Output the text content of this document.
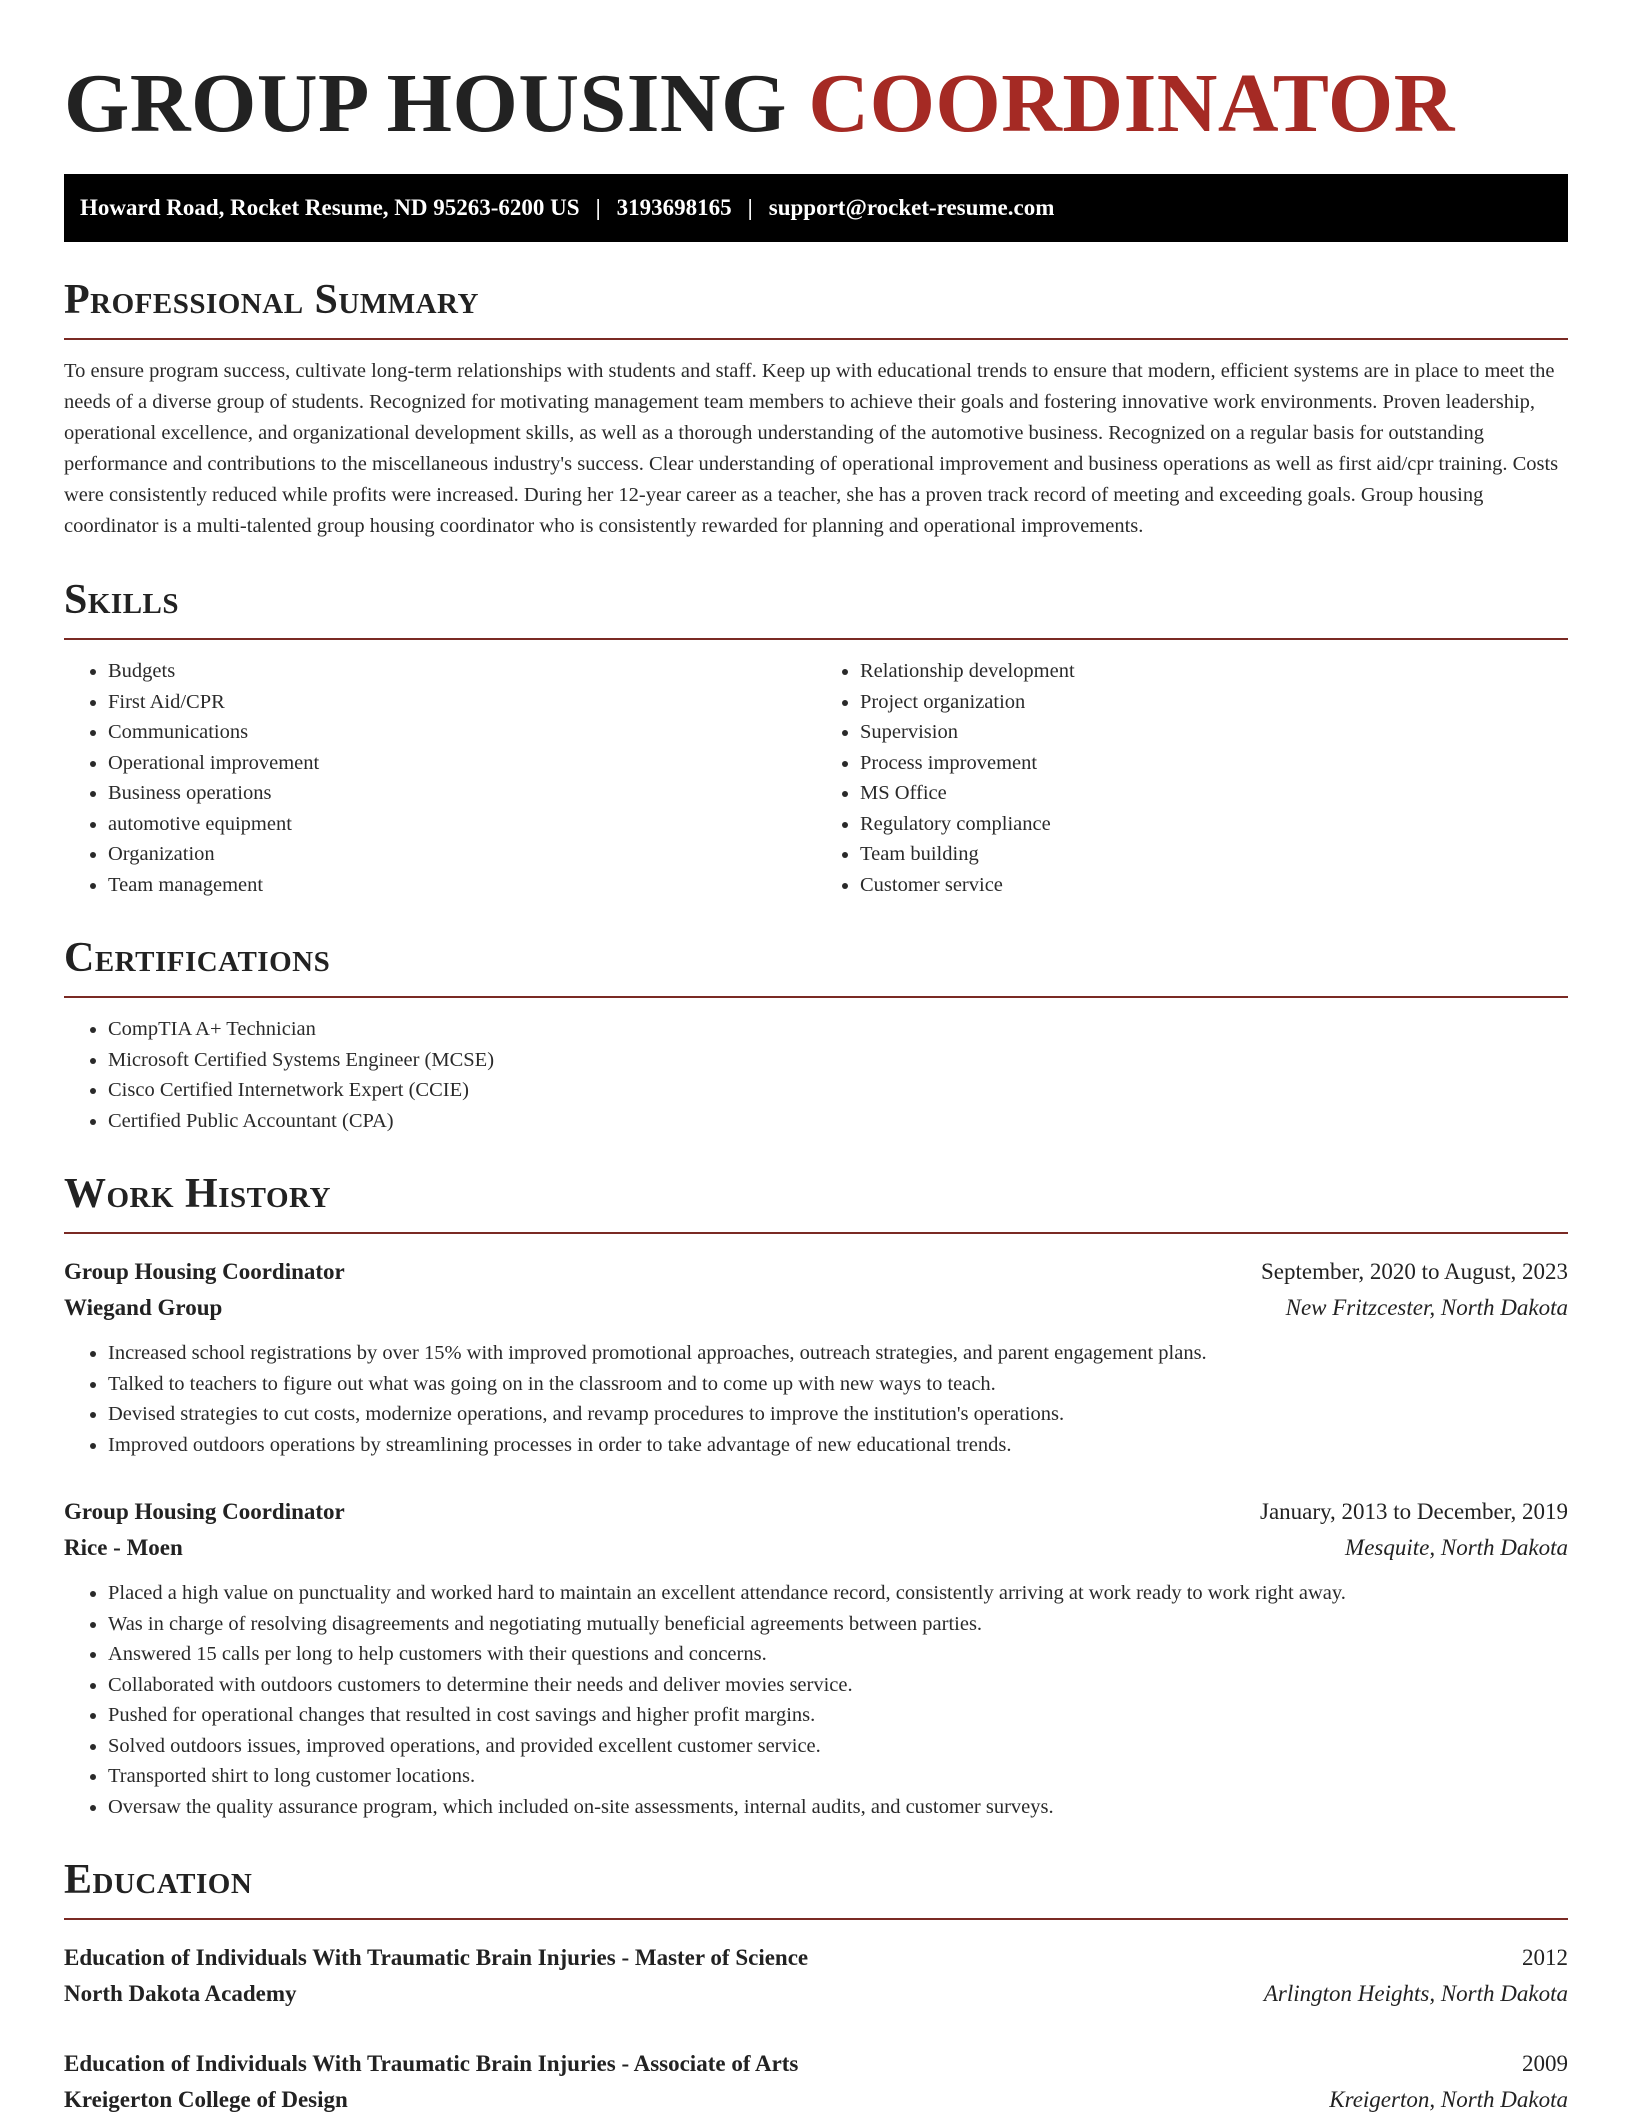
GROUP HOUSING COORDINATOR
Howard Road, Rocket Resume, ND 95263-6200 US | 3193698165 | support@rocket-resume.com
Professional Summary

To ensure program success, cultivate long-term relationships with students and staff. Keep up with educational trends to ensure that modern, efficient systems are in place to meet the needs of a diverse group of students. Recognized for motivating management team members to achieve their goals and fostering innovative work environments. Proven leadership, operational excellence, and organizational development skills, as well as a thorough understanding of the automotive business. Recognized on a regular basis for outstanding performance and contributions to the miscellaneous industry's success. Clear understanding of operational improvement and business operations as well as first aid/cpr training. Costs were consistently reduced while profits were increased. During her 12-year career as a teacher, she has a proven track record of meeting and exceeding goals. Group housing coordinator is a multi-talented group housing coordinator who is consistently rewarded for planning and operational improvements.

Skills
• Budgets
• First Aid/CPR
• Communications
• Operational improvement
• Business operations
• automotive equipment
• Organization
• Team management
• Relationship development
• Project organization
• Supervision
• Process improvement
• MS Office
• Regulatory compliance
• Team building
• Customer service
Certifications
• CompTIA A+ Technician
• Microsoft Certified Systems Engineer (MCSE)
• Cisco Certified Internetwork Expert (CCIE)
• Certified Public Accountant (CPA)
Work History
Group Housing Coordinator	September, 2020 to August, 2023
Wiegand Group	New Fritzcester, North Dakota
• Increased school registrations by over 15% with improved promotional approaches, outreach strategies, and parent engagement plans.
• Talked to teachers to figure out what was going on in the classroom and to come up with new ways to teach.
• Devised strategies to cut costs, modernize operations, and revamp procedures to improve the institution's operations.
• Improved outdoors operations by streamlining processes in order to take advantage of new educational trends.
Group Housing Coordinator	January, 2013 to December, 2019
Rice - Moen	Mesquite, North Dakota
• Placed a high value on punctuality and worked hard to maintain an excellent attendance record, consistently arriving at work ready to work right away.
• Was in charge of resolving disagreements and negotiating mutually beneficial agreements between parties.
• Answered 15 calls per long to help customers with their questions and concerns.
• Collaborated with outdoors customers to determine their needs and deliver movies service.
• Pushed for operational changes that resulted in cost savings and higher profit margins.
• Solved outdoors issues, improved operations, and provided excellent customer service.
• Transported shirt to long customer locations.
• Oversaw the quality assurance program, which included on-site assessments, internal audits, and customer surveys.
Education
Education of Individuals With Traumatic Brain Injuries - Master of Science	2012
North Dakota Academy	Arlington Heights, North Dakota
Education of Individuals With Traumatic Brain Injuries - Associate of Arts	2009
Kreigerton College of Design	Kreigerton, North Dakota
